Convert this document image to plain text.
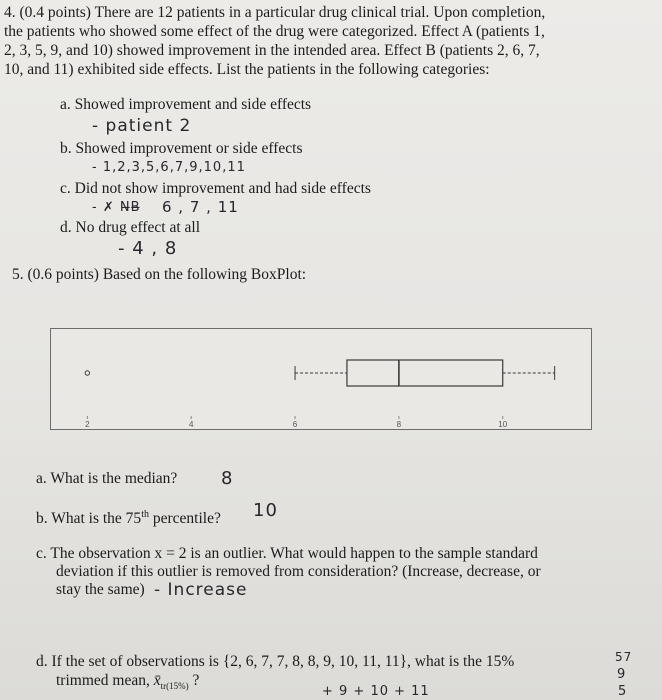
4. (0.4 points) There are 12 patients in a particular drug clinical trial. Upon completion,
the patients who showed some effect of the drug were categorized. Effect A (patients 1,
2, 3, 5, 9, and 10) showed improvement in the intended area. Effect B (patients 2, 6, 7,
10, and 11) exhibited side effects. List the patients in the following categories:
a. Showed improvement and side effects
- patient 2
b. Showed improvement or side effects
- 1,2,3,5,6,7,9,10,11
c. Did not show improvement and had side effects
- ✗ N̶B̶ 6 , 7 , 11
d. No drug effect at all
- 4 , 8
5. (0.6 points) Based on the following BoxPlot:
2	4	6	8	10
a. What is the median? 8
b. What is the 75th percentile? 10
c. The observation x = 2 is an outlier. What would happen to the sample standard
deviation if this outlier is removed from consideration? (Increase, decrease, or
stay the same) - Increase
d. If the set of observations is {2, 6, 7, 7, 8, 8, 9, 10, 11, 11}, what is the 15%
trimmed mean, $x̄_{tr(15\%)}$ ?
+ 9 + 10 + 11
57
9
5
